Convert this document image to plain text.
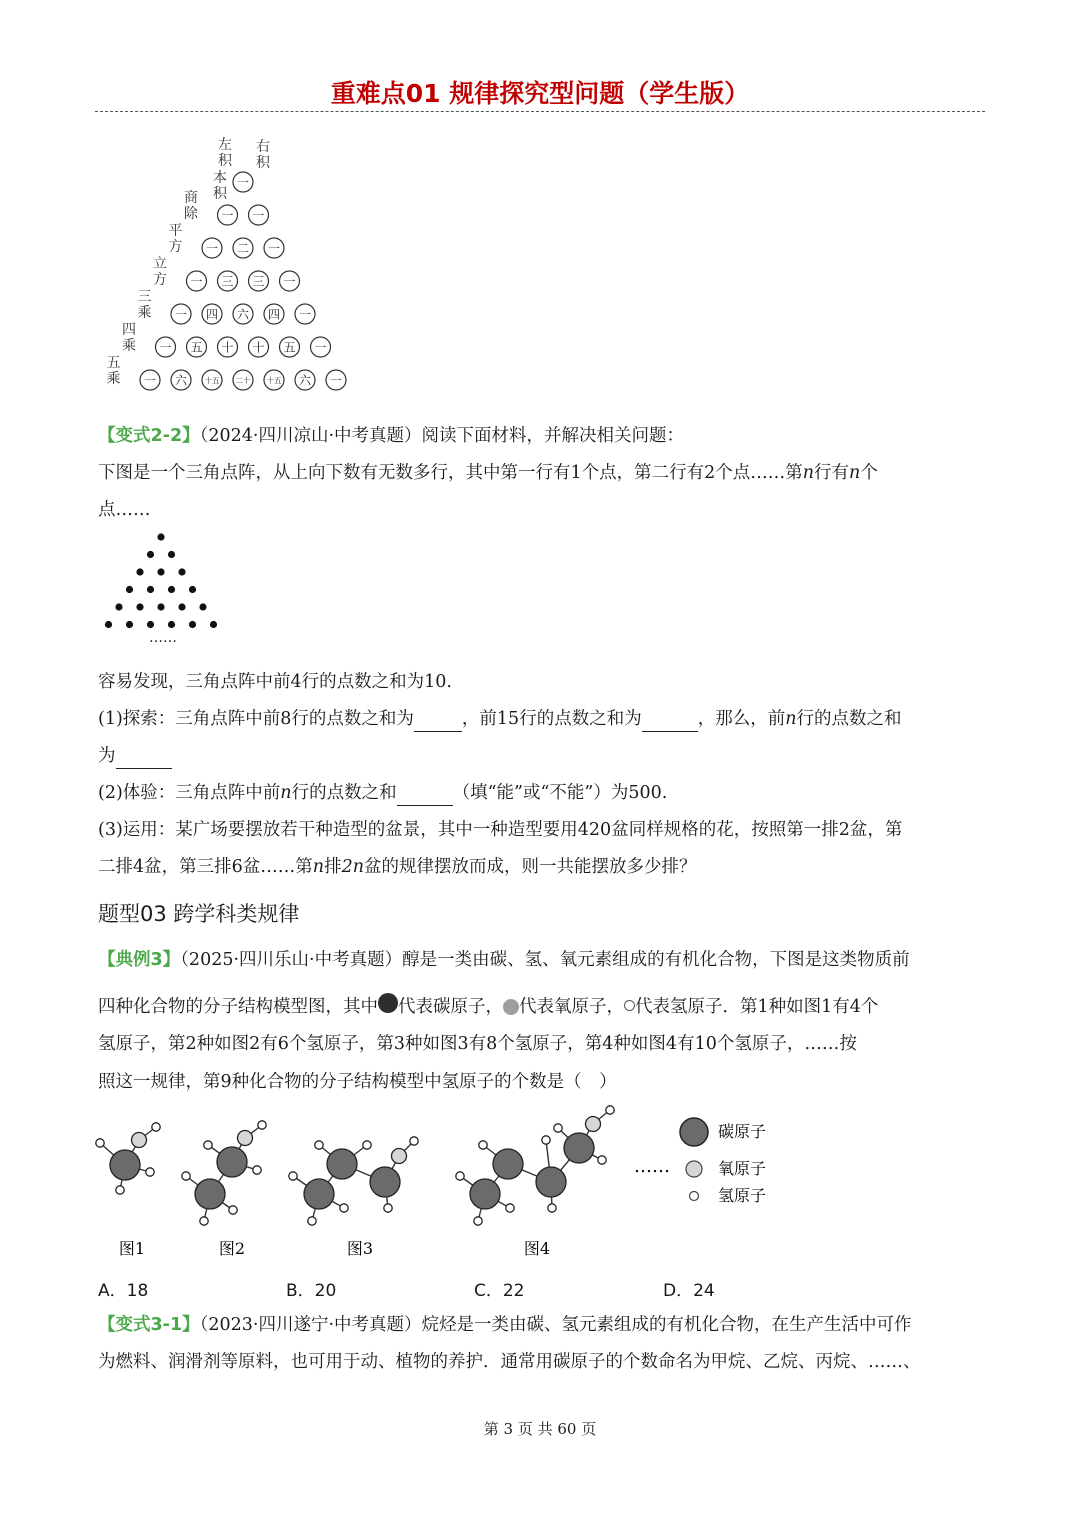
重难点01 规律探究型问题（学生版）
左积
右积
本积
商除
平方
立方
三乘
四乘
五乘
一
一 一
一 二 一
一 三 三 一
一 四 六 四 一
一 五 十 十 五 一
一 六 十五 二十 十五 六 一
【变式2-2】（2024·四川凉山·中考真题）阅读下面材料，并解决相关问题：
下图是一个三角点阵，从上向下数有无数多行，其中第一行有1个点，第二行有2个点……第n行有n个
点……
……
容易发现，三角点阵中前4行的点数之和为10.
(1)探索：三角点阵中前8行的点数之和为	，前15行的点数之和为	，那么，前n行的点数之和
为
(2)体验：三角点阵中前n行的点数之和	（填“能”或“不能”）为500.
(3)运用：某广场要摆放若干种造型的盆景，其中一种造型要用420盆同样规格的花，按照第一排2盆，第
二排4盆，第三排6盆……第n排2n盆的规律摆放而成，则一共能摆放多少排？
题型03 跨学科类规律
【典例3】（2025·四川乐山·中考真题）醇是一类由碳、氢、氧元素组成的有机化合物，下图是这类物质前
四种化合物的分子结构模型图，其中 代表碳原子， 代表氧原子， 代表氢原子．第1种如图1有4个
氢原子，第2种如图2有6个氢原子，第3种如图3有8个氢原子，第4种如图4有10个氢原子，……按
照这一规律，第9种化合物的分子结构模型中氢原子的个数是（　）
图1	图2	图3	图4
……
碳原子
氧原子
氢原子
A．18	B．20	C．22	D．24
【变式3-1】（2023·四川遂宁·中考真题）烷烃是一类由碳、氢元素组成的有机化合物，在生产生活中可作
为燃料、润滑剂等原料，也可用于动、植物的养护．通常用碳原子的个数命名为甲烷、乙烷、丙烷、……、
第 3 页 共 60 页
